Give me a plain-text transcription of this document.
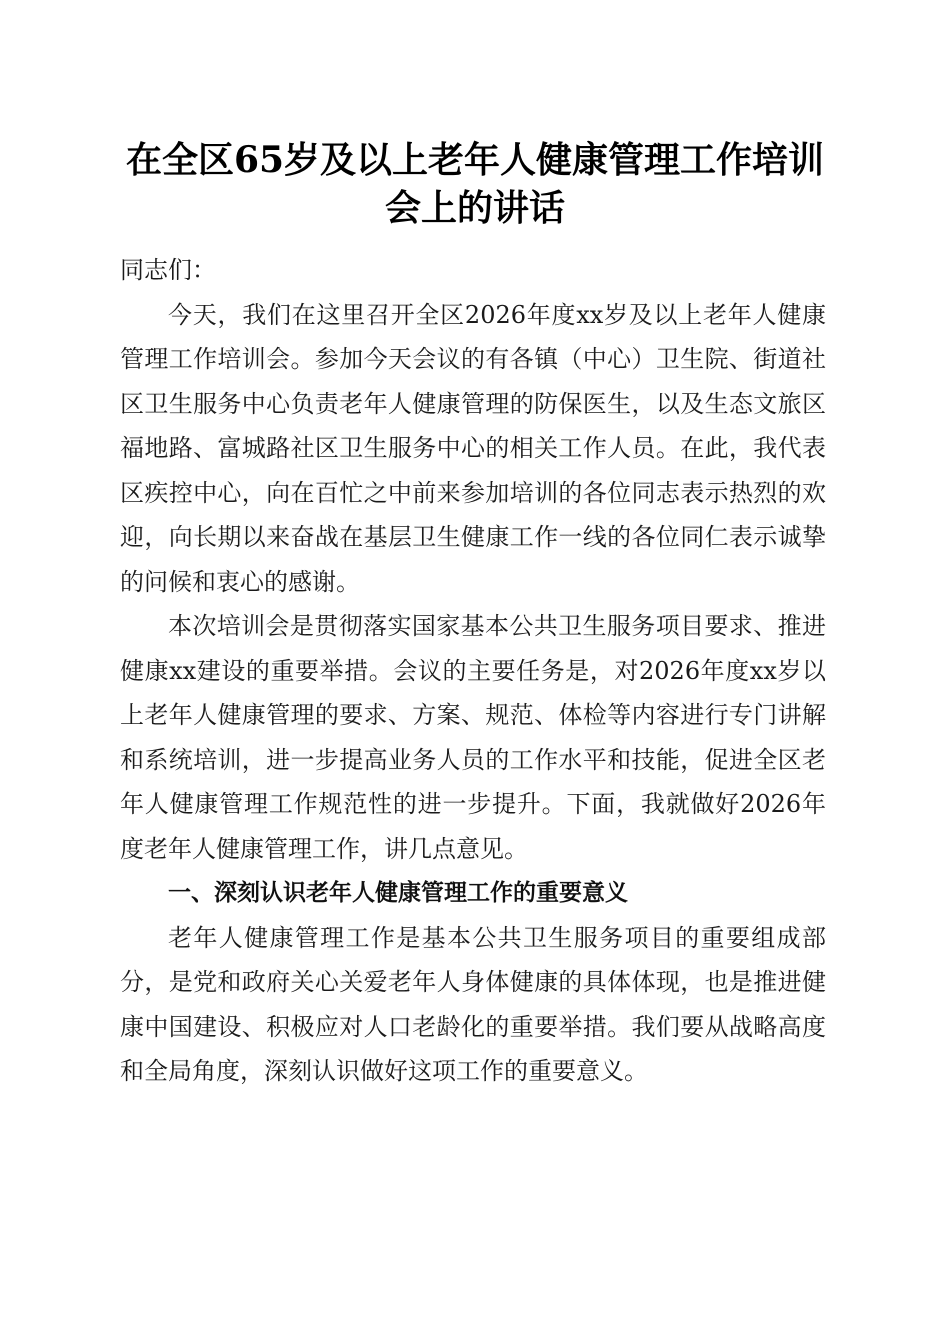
在全区65岁及以上老年人健康管理工作培训
会上的讲话

同志们：

今天，我们在这里召开全区2026年度xx岁及以上老年人健康管理工作培训会。参加今天会议的有各镇（中心）卫生院、街道社区卫生服务中心负责老年人健康管理的防保医生，以及生态文旅区福地路、富城路社区卫生服务中心的相关工作人员。在此，我代表区疾控中心，向在百忙之中前来参加培训的各位同志表示热烈的欢迎，向长期以来奋战在基层卫生健康工作一线的各位同仁表示诚挚的问候和衷心的感谢。

本次培训会是贯彻落实国家基本公共卫生服务项目要求、推进健康xx建设的重要举措。会议的主要任务是，对2026年度xx岁以上老年人健康管理的要求、方案、规范、体检等内容进行专门讲解和系统培训，进一步提高业务人员的工作水平和技能，促进全区老年人健康管理工作规范性的进一步提升。下面，我就做好2026年度老年人健康管理工作，讲几点意见。

一、深刻认识老年人健康管理工作的重要意义

老年人健康管理工作是基本公共卫生服务项目的重要组成部分，是党和政府关心关爱老年人身体健康的具体体现，也是推进健康中国建设、积极应对人口老龄化的重要举措。我们要从战略高度和全局角度，深刻认识做好这项工作的重要意义。
